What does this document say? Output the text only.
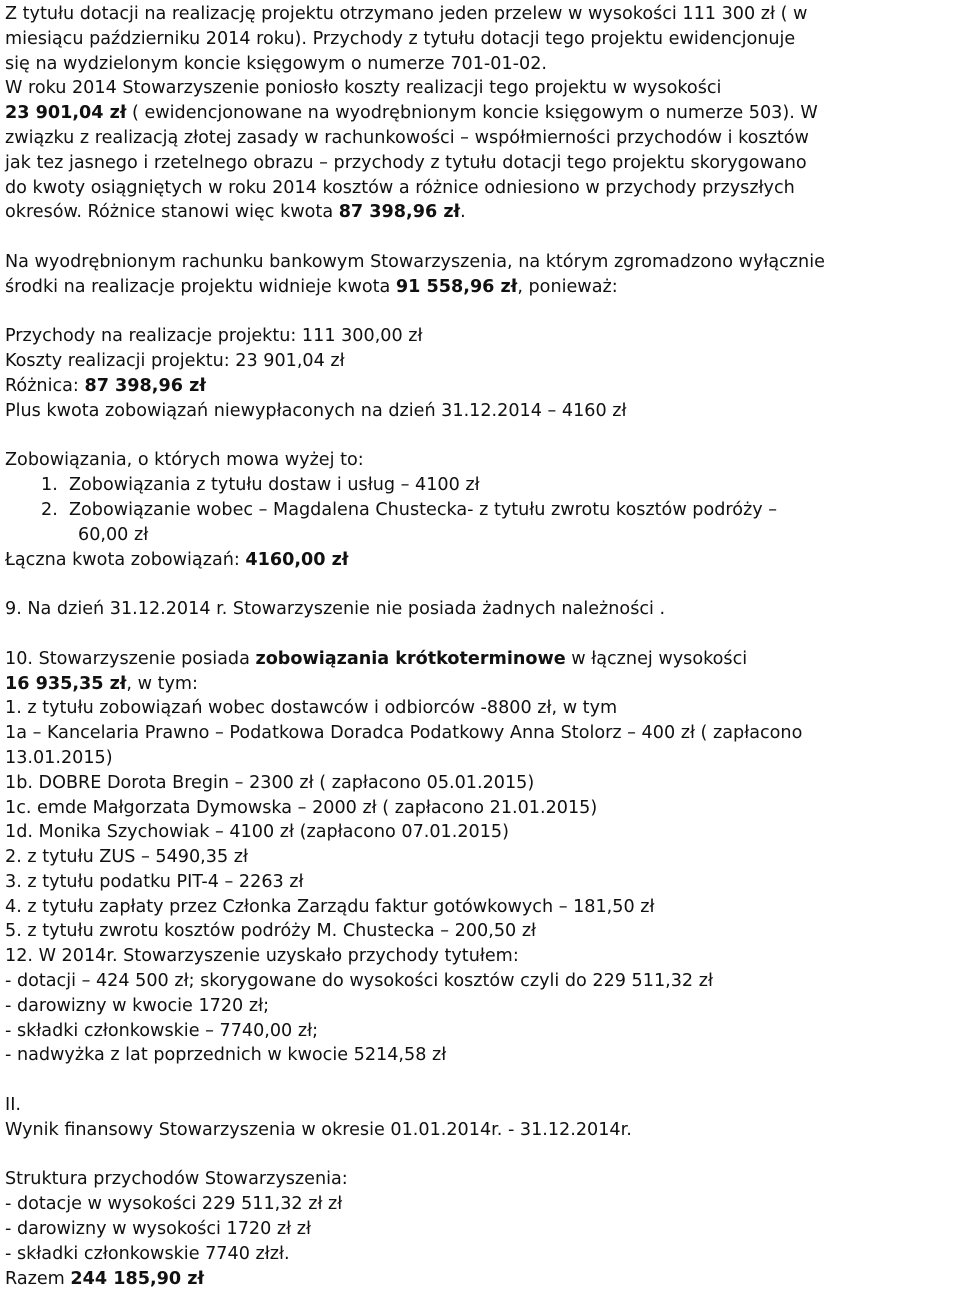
Z tytułu dotacji na realizację projektu otrzymano jeden przelew w wysokości 111 300 zł ( w
miesiącu październiku 2014 roku). Przychody z tytułu dotacji tego projektu ewidencjonuje
się na wydzielonym koncie księgowym o numerze 701-01-02.
W roku 2014 Stowarzyszenie poniosło koszty realizacji tego projektu w wysokości
23 901,04 zł ( ewidencjonowane na wyodrębnionym koncie księgowym o numerze 503). W
związku z realizacją złotej zasady w rachunkowości – współmierności przychodów i kosztów
jak tez jasnego i rzetelnego obrazu – przychody z tytułu dotacji tego projektu skorygowano
do kwoty osiągniętych w roku 2014 kosztów a różnice odniesiono w przychody przyszłych
okresów. Różnice stanowi więc kwota 87 398,96 zł.
Na wyodrębnionym rachunku bankowym Stowarzyszenia, na którym zgromadzono wyłącznie
środki na realizacje projektu widnieje kwota 91 558,96 zł, ponieważ:
Przychody na realizacje projektu: 111 300,00 zł
Koszty realizacji projektu: 23 901,04 zł
Różnica: 87 398,96 zł
Plus kwota zobowiązań niewypłaconych na dzień 31.12.2014 – 4160 zł
Zobowiązania, o których mowa wyżej to:
1.  Zobowiązania z tytułu dostaw i usług – 4100 zł
2.  Zobowiązanie wobec – Magdalena Chustecka- z tytułu zwrotu kosztów podróży –
60,00 zł
Łączna kwota zobowiązań: 4160,00 zł
9. Na dzień 31.12.2014 r. Stowarzyszenie nie posiada żadnych należności .
10. Stowarzyszenie posiada zobowiązania krótkoterminowe w łącznej wysokości
16 935,35 zł, w tym:
1. z tytułu zobowiązań wobec dostawców i odbiorców -8800 zł, w tym
1a – Kancelaria Prawno – Podatkowa Doradca Podatkowy Anna Stolorz – 400 zł ( zapłacono
13.01.2015)
1b. DOBRE Dorota Bregin – 2300 zł ( zapłacono 05.01.2015)
1c. emde Małgorzata Dymowska – 2000 zł ( zapłacono 21.01.2015)
1d. Monika Szychowiak – 4100 zł (zapłacono 07.01.2015)
2. z tytułu ZUS – 5490,35 zł
3. z tytułu podatku PIT-4 – 2263 zł
4. z tytułu zapłaty przez Członka Zarządu faktur gotówkowych – 181,50 zł
5. z tytułu zwrotu kosztów podróży M. Chustecka – 200,50 zł
12. W 2014r. Stowarzyszenie uzyskało przychody tytułem:
- dotacji – 424 500 zł; skorygowane do wysokości kosztów czyli do 229 511,32 zł
- darowizny w kwocie 1720 zł;
- składki członkowskie – 7740,00 zł;
- nadwyżka z lat poprzednich w kwocie 5214,58 zł
II.
Wynik finansowy Stowarzyszenia w okresie 01.01.2014r. - 31.12.2014r.
Struktura przychodów Stowarzyszenia:
- dotacje w wysokości 229 511,32 zł zł
- darowizny w wysokości 1720 zł zł
- składki członkowskie 7740 złzł.
Razem 244 185,90 zł
